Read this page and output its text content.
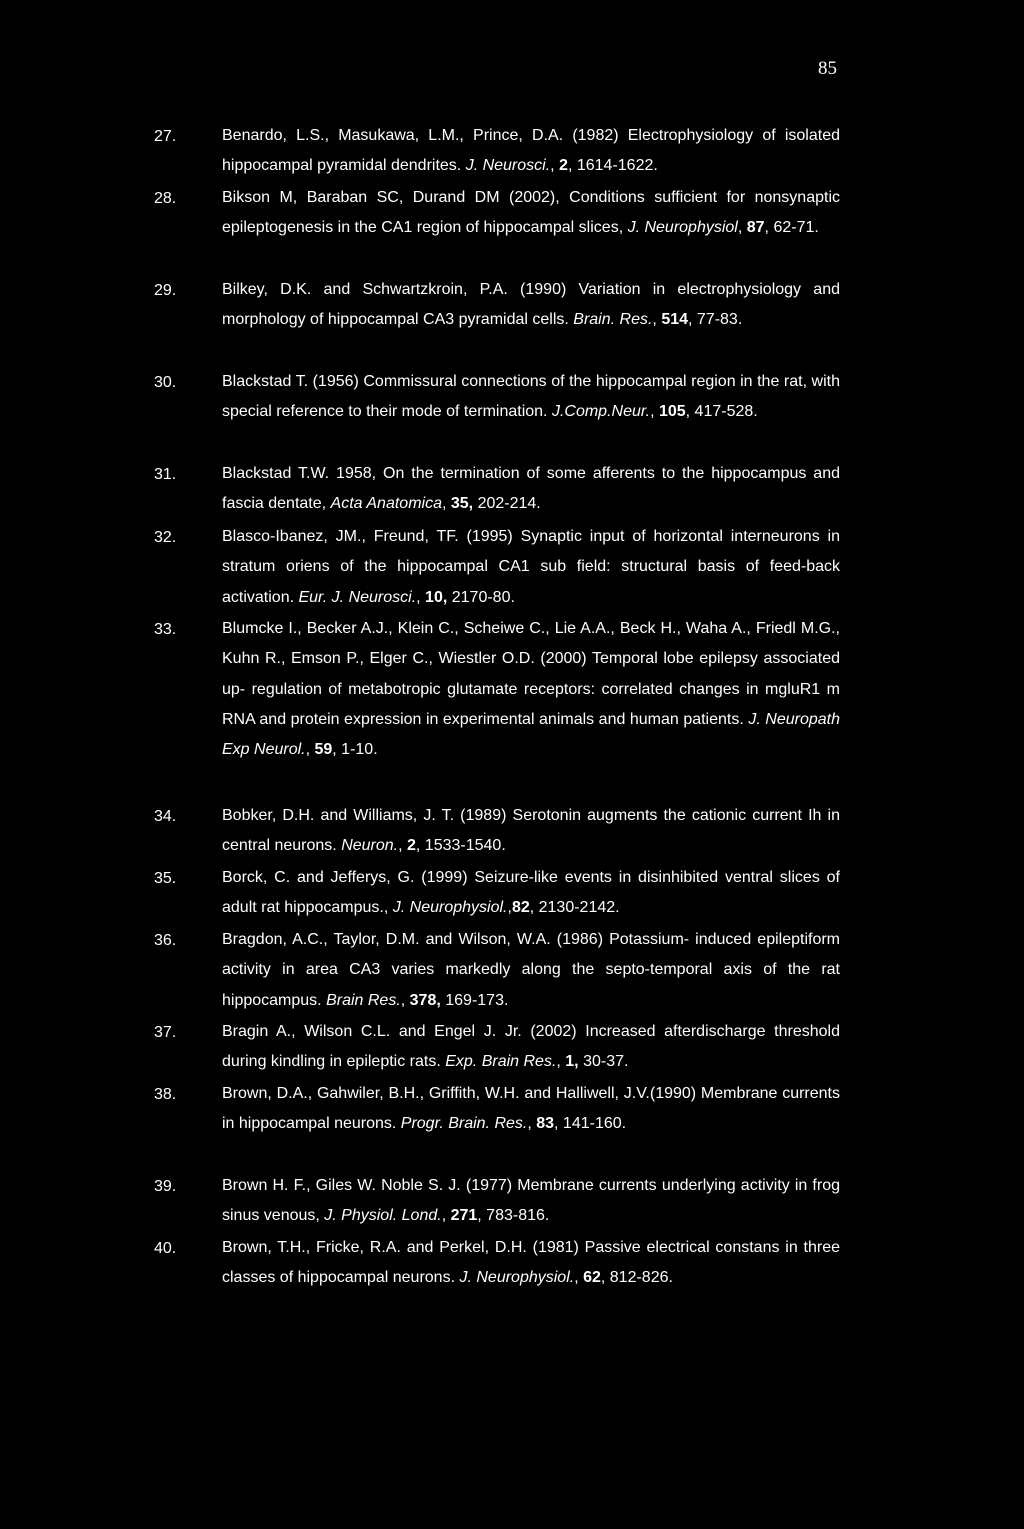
85
27.	Benardo, L.S., Masukawa, L.M., Prince, D.A. (1982) Electrophysiology of isolated hippocampal pyramidal dendrites. J. Neurosci., 2, 1614-1622.
28.	Bikson M, Baraban SC, Durand DM (2002), Conditions sufficient for nonsynaptic epileptogenesis in the CA1 region of hippocampal slices, J. Neurophysiol, 87, 62-71.
29.	Bilkey, D.K. and Schwartzkroin, P.A. (1990) Variation in electrophysiology and morphology of hippocampal CA3 pyramidal cells. Brain. Res., 514, 77-83.
30.	Blackstad T. (1956) Commissural connections of the hippocampal region in the rat, with special reference to their mode of termination. J.Comp.Neur., 105, 417-528.
31.	Blackstad T.W. 1958, On the termination of some afferents to the hippocampus and fascia dentate, Acta Anatomica, 35, 202-214.
32.	Blasco-Ibanez, JM., Freund, TF. (1995) Synaptic input of horizontal interneurons in stratum oriens of the hippocampal CA1 sub field: structural basis of feed-back activation. Eur. J. Neurosci., 10, 2170-80.
33.	Blumcke I., Becker A.J., Klein C., Scheiwe C., Lie A.A., Beck H., Waha A., Friedl M.G., Kuhn R., Emson P., Elger C., Wiestler O.D. (2000) Temporal lobe epilepsy associated up- regulation of metabotropic glutamate receptors: correlated changes in mgluR1 m RNA and protein expression in experimental animals and human patients. J. Neuropath Exp Neurol., 59, 1-10.
34.	Bobker, D.H. and Williams, J. T. (1989) Serotonin augments the cationic current Ih in central neurons. Neuron., 2, 1533-1540.
35.	Borck, C. and Jefferys, G. (1999) Seizure-like events in disinhibited ventral slices of adult rat hippocampus., J. Neurophysiol.,82, 2130-2142.
36.	Bragdon, A.C., Taylor, D.M. and Wilson, W.A. (1986) Potassium- induced epileptiform activity in area CA3 varies markedly along the septo-temporal axis of the rat hippocampus. Brain Res., 378, 169-173.
37.	Bragin A., Wilson C.L. and Engel J. Jr. (2002) Increased afterdischarge threshold during kindling in epileptic rats. Exp. Brain Res., 1, 30-37.
38.	Brown, D.A., Gahwiler, B.H., Griffith, W.H. and Halliwell, J.V.(1990) Membrane currents in hippocampal neurons. Progr. Brain. Res., 83, 141-160.
39.	Brown H. F., Giles W. Noble S. J. (1977) Membrane currents underlying activity in frog sinus venous, J. Physiol. Lond., 271, 783-816.
40.	Brown, T.H., Fricke, R.A. and Perkel, D.H. (1981) Passive electrical constans in three classes of hippocampal neurons. J. Neurophysiol., 62, 812-826.
